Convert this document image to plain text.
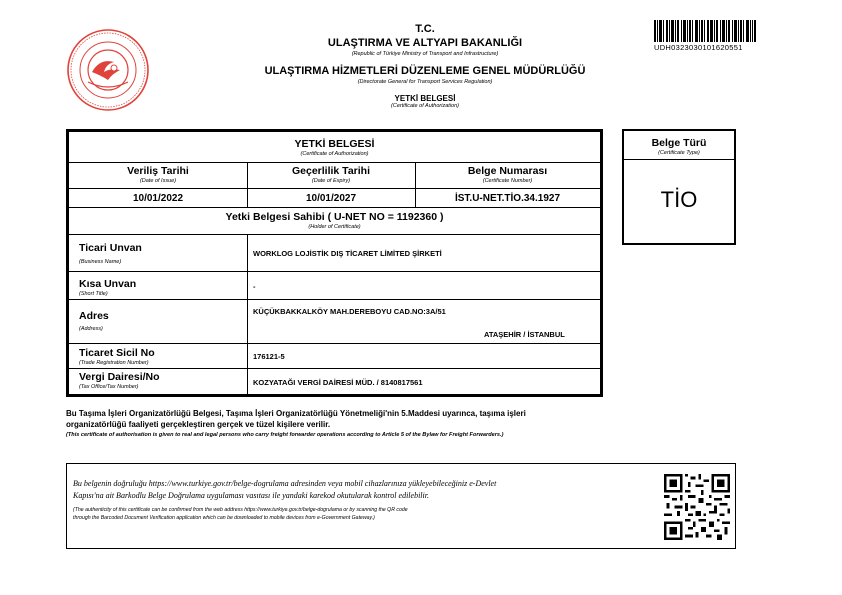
T.C.
ULAŞTIRMA VE ALTYAPI BAKANLIĞI
(Republic of Türkiye Ministry of Transport and Infrastructure)
ULAŞTIRMA HİZMETLERİ DÜZENLEME GENEL MÜDÜRLÜĞÜ
(Directorate General for Transport Services Regulation)
YETKİ BELGESİ
(Certificate of Authorization)
UDH0323030101620551
YETKİ BELGESİ
(Certificate of Authorization)
Veriliş Tarihi
(Date of Issue)
Geçerlilik Tarihi
(Date of Expiry)
Belge Numarası
(Certificate Number)
10/01/2022	10/01/2027	İST.U-NET.TİO.34.1927
Yetki Belgesi Sahibi ( U-NET NO = 1192360 )
(Holder of Certificate)
Ticari Unvan
(Business Name)
WORKLOG LOJİSTİK DIŞ TİCARET LİMİTED ŞİRKETİ
Kısa Unvan
(Short Title)
-
Adres
(Address)
KÜÇÜKBAKKALKÖY MAH.DEREBOYU CAD.NO:3A/51
ATAŞEHİR / İSTANBUL
Ticaret Sicil No
(Trade Registration Number)
176121-5
Vergi Dairesi/No
(Tax Office/Tax Number)	KOZYATAĞI VERGİ DAİRESİ MÜD. / 8140817561
Belge Türü
(Certificate Type)
TİO
Bu Taşıma İşleri Organizatörlüğü Belgesi, Taşıma İşleri Organizatörlüğü Yönetmeliği'nin 5.Maddesi uyarınca, taşıma işleri
organizatörlüğü faaliyeti gerçekleştiren gerçek ve tüzel kişilere verilir.
(This certificate of authorisation is given to real and legal persons who carry freight forwarder operations according to Article 5 of the Bylaw for Freight Forwarders.)
Bu belgenin doğruluğu https://www.turkiye.gov.tr/belge-dogrulama adresinden veya mobil cihazlarınıza yükleyebileceğiniz e-Devlet
Kapısı'na ait Barkodlu Belge Doğrulama uygulaması vasıtası ile yandaki karekod okutularak kontrol edilebilir.
(The authenticity of this certificate can be confirmed from the web address https://www.turkiye.gov.tr/belge-dogrulama or by scanning the QR code
through the Barcoded Document Verification application which can be downloaded to mobile devices from e-Government Gateway.)
